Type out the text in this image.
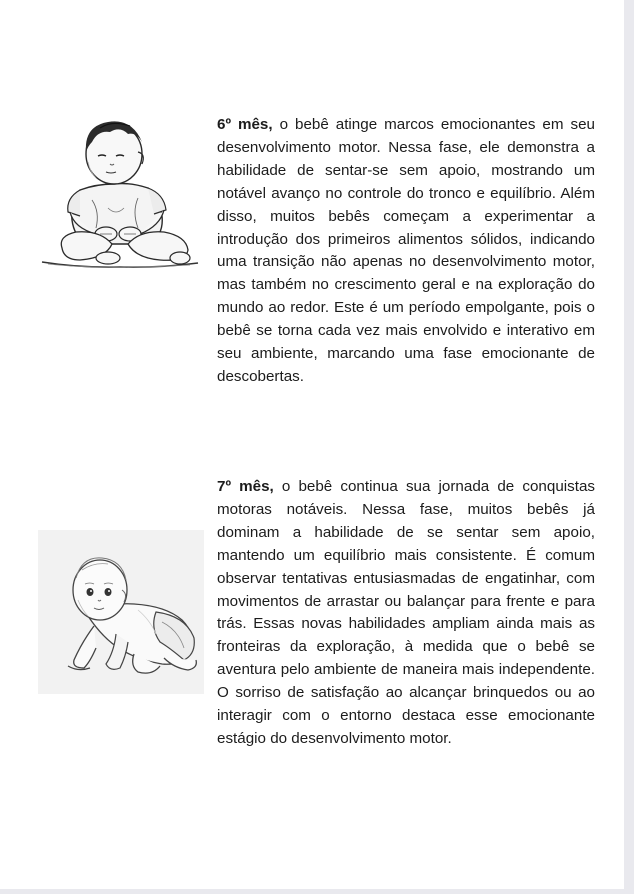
6º mês, o bebê atinge marcos emocionantes em seu desenvolvimento motor. Nessa fase, ele demonstra a habilidade de sentar-se sem apoio, mostrando um notável avanço no controle do tronco e equilíbrio. Além disso, muitos bebês começam a experimentar a introdução dos primeiros alimentos sólidos, indicando uma transição não apenas no desenvolvimento motor, mas também no crescimento geral e na exploração do mundo ao redor. Este é um período empolgante, pois o bebê se torna cada vez mais envolvido e interativo em seu ambiente, marcando uma fase emocionante de descobertas.
7º mês, o bebê continua sua jornada de conquistas motoras notáveis. Nessa fase, muitos bebês já dominam a habilidade de se sentar sem apoio, mantendo um equilíbrio mais consistente. É comum observar tentativas entusiasmadas de engatinhar, com movimentos de arrastar ou balançar para frente e para trás. Essas novas habilidades ampliam ainda mais as fronteiras da exploração, à medida que o bebê se aventura pelo ambiente de maneira mais independente. O sorriso de satisfação ao alcançar brinquedos ou ao interagir com o entorno destaca esse emocionante estágio do desenvolvimento motor.
